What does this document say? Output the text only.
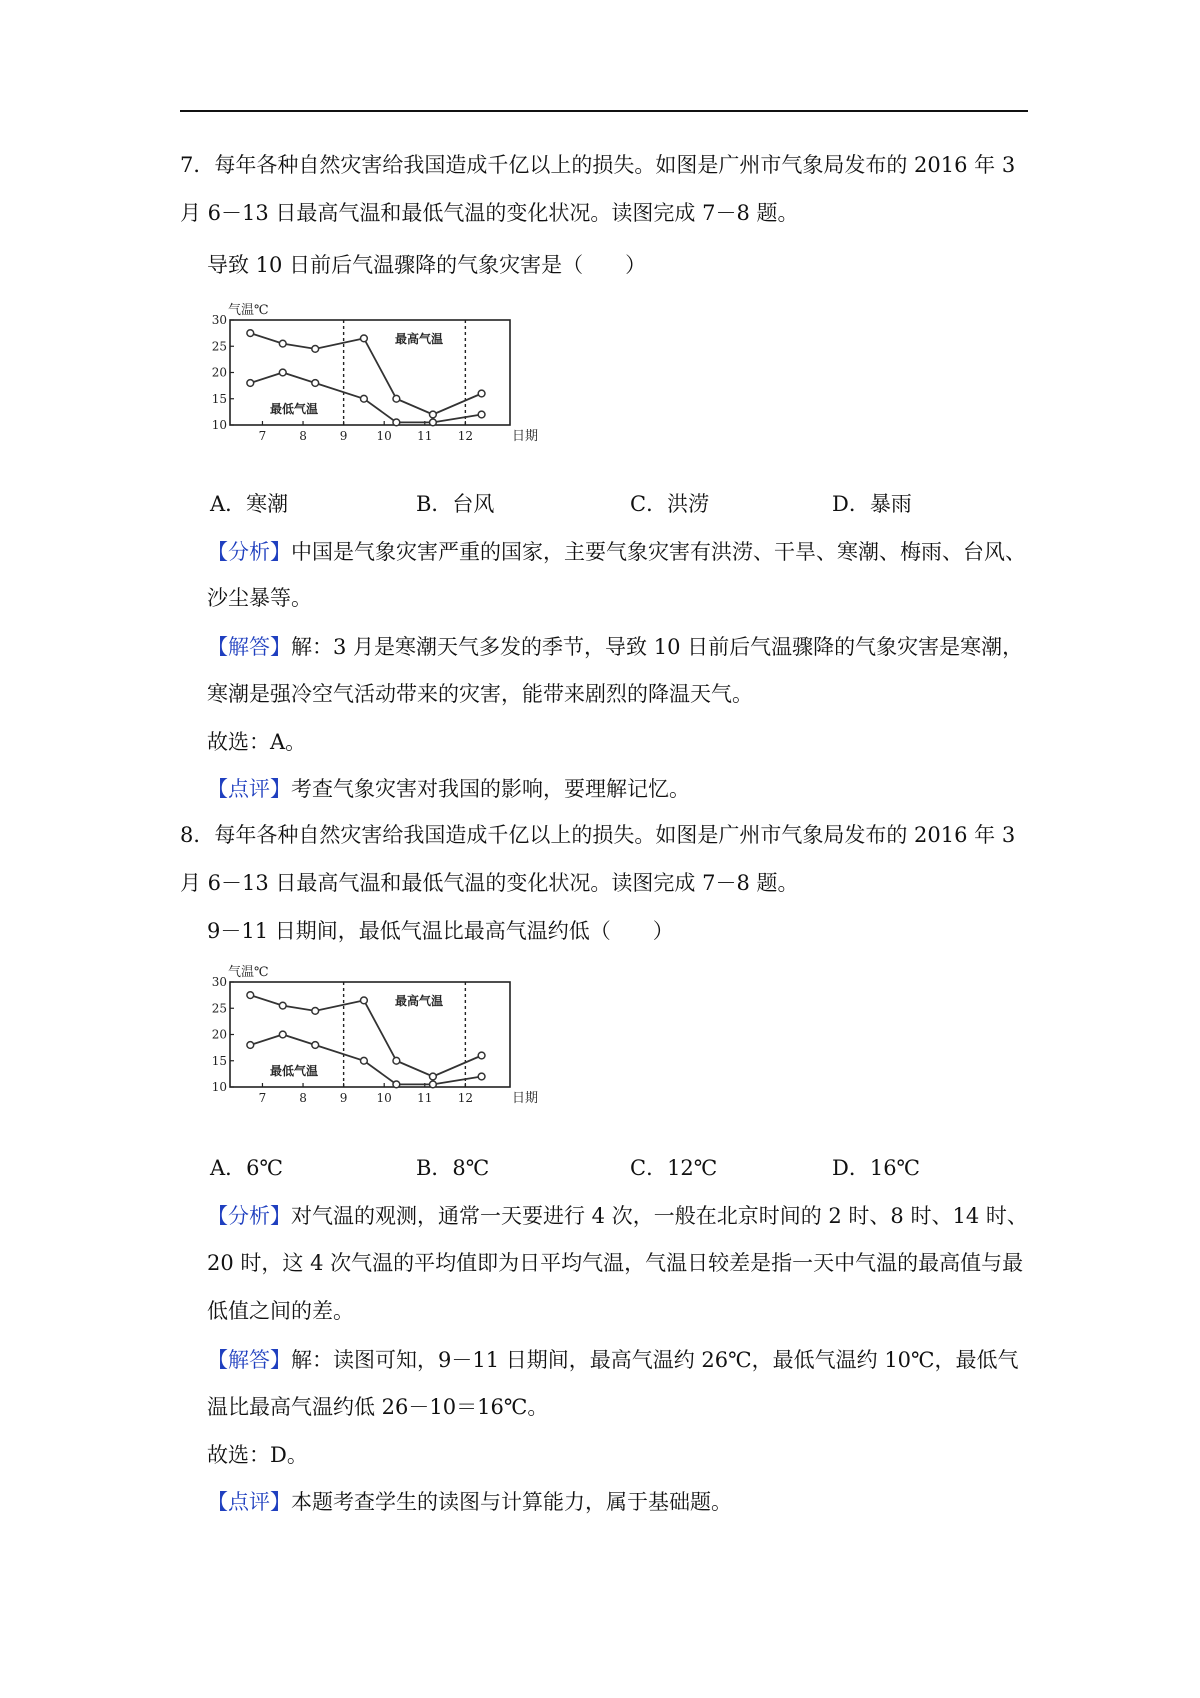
7．每年各种自然灾害给我国造成千亿以上的损失。如图是广州市气象局发布的 2016 年 3
月 6－13 日最高气温和最低气温的变化状况。读图完成 7－8 题。
导致 10 日前后气温骤降的气象灾害是（　　）
气温℃
30
25
20
15
10
7	8	9 10 11 12	日期
最高气温
最低气温
A．寒潮	B．台风	C．洪涝	D．暴雨
【分析】中国是气象灾害严重的国家，主要气象灾害有洪涝、干旱、寒潮、梅雨、台风、
沙尘暴等。
【解答】解：3 月是寒潮天气多发的季节，导致 10 日前后气温骤降的气象灾害是寒潮，
寒潮是强冷空气活动带来的灾害，能带来剧烈的降温天气。
故选：A。
【点评】考查气象灾害对我国的影响，要理解记忆。
8．每年各种自然灾害给我国造成千亿以上的损失。如图是广州市气象局发布的 2016 年 3
月 6－13 日最高气温和最低气温的变化状况。读图完成 7－8 题。
9－11 日期间，最低气温比最高气温约低（　　）
气温℃
30
25
20
15
10
7	8	9 10 11 12	日期
最高气温
最低气温
A．6℃	B．8℃	C．12℃	D．16℃
【分析】对气温的观测，通常一天要进行 4 次，一般在北京时间的 2 时、8 时、14 时、
20 时，这 4 次气温的平均值即为日平均气温，气温日较差是指一天中气温的最高值与最
低值之间的差。
【解答】解：读图可知，9－11 日期间，最高气温约 26℃，最低气温约 10℃，最低气
温比最高气温约低 26－10＝16℃。
故选：D。
【点评】本题考查学生的读图与计算能力，属于基础题。
